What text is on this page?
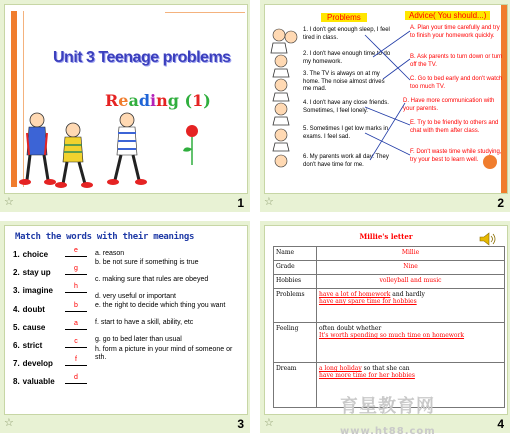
Unit 3 Teenage problems
Reading (1)
☆	1
Problems	Advice( You should...)
1. I don't get enough sleep, I feel tired in class.
2. I don't have enough time to do my homework.
3. The TV is always on at my home. The noise almost drives me mad.
4. I don't have any close friends. Sometimes, I feel lonely.
5. Sometimes I get low marks in exams. I feel sad.
6. My parents work all day. They don't have time for me.
A. Plan your time carefully and try to finish your homework quickly.
B. Ask parents to turn down or turn off the TV.
C. Go to bed early and don't watch too much TV.
D. Have more communication with your parents.
E. Try to be friendly to others and chat with them after class.
F. Don't waste time while studying, try your best to learn well.
☆	2
Match the words with their meanings
1. choice	e
2. stay up	g
3. imagine	h
4. doubt	b
5. cause	a
6. strict	c
7. develop	f
8. valuable	d
a. reason
b. be not sure if something is true
c. making sure that rules are obeyed
d. very useful or important
e. the right to decide which thing you want
f. start to have a skill, ability, etc
g. go to bed later than usual
h. form a picture in your mind of someone or sth.
☆	3
Millie's letter
Name	Millie
Grade	Nine
Hobbies	volleyball and music
Problems	have a lot of homework and hardly
have any spare time for hobbies
Feeling	often doubt whether
It's worth spending so much time on homework
Dream	a long holiday so that she can
have more time for her hobbies
☆	4
育星教育网 www.ht88.com
